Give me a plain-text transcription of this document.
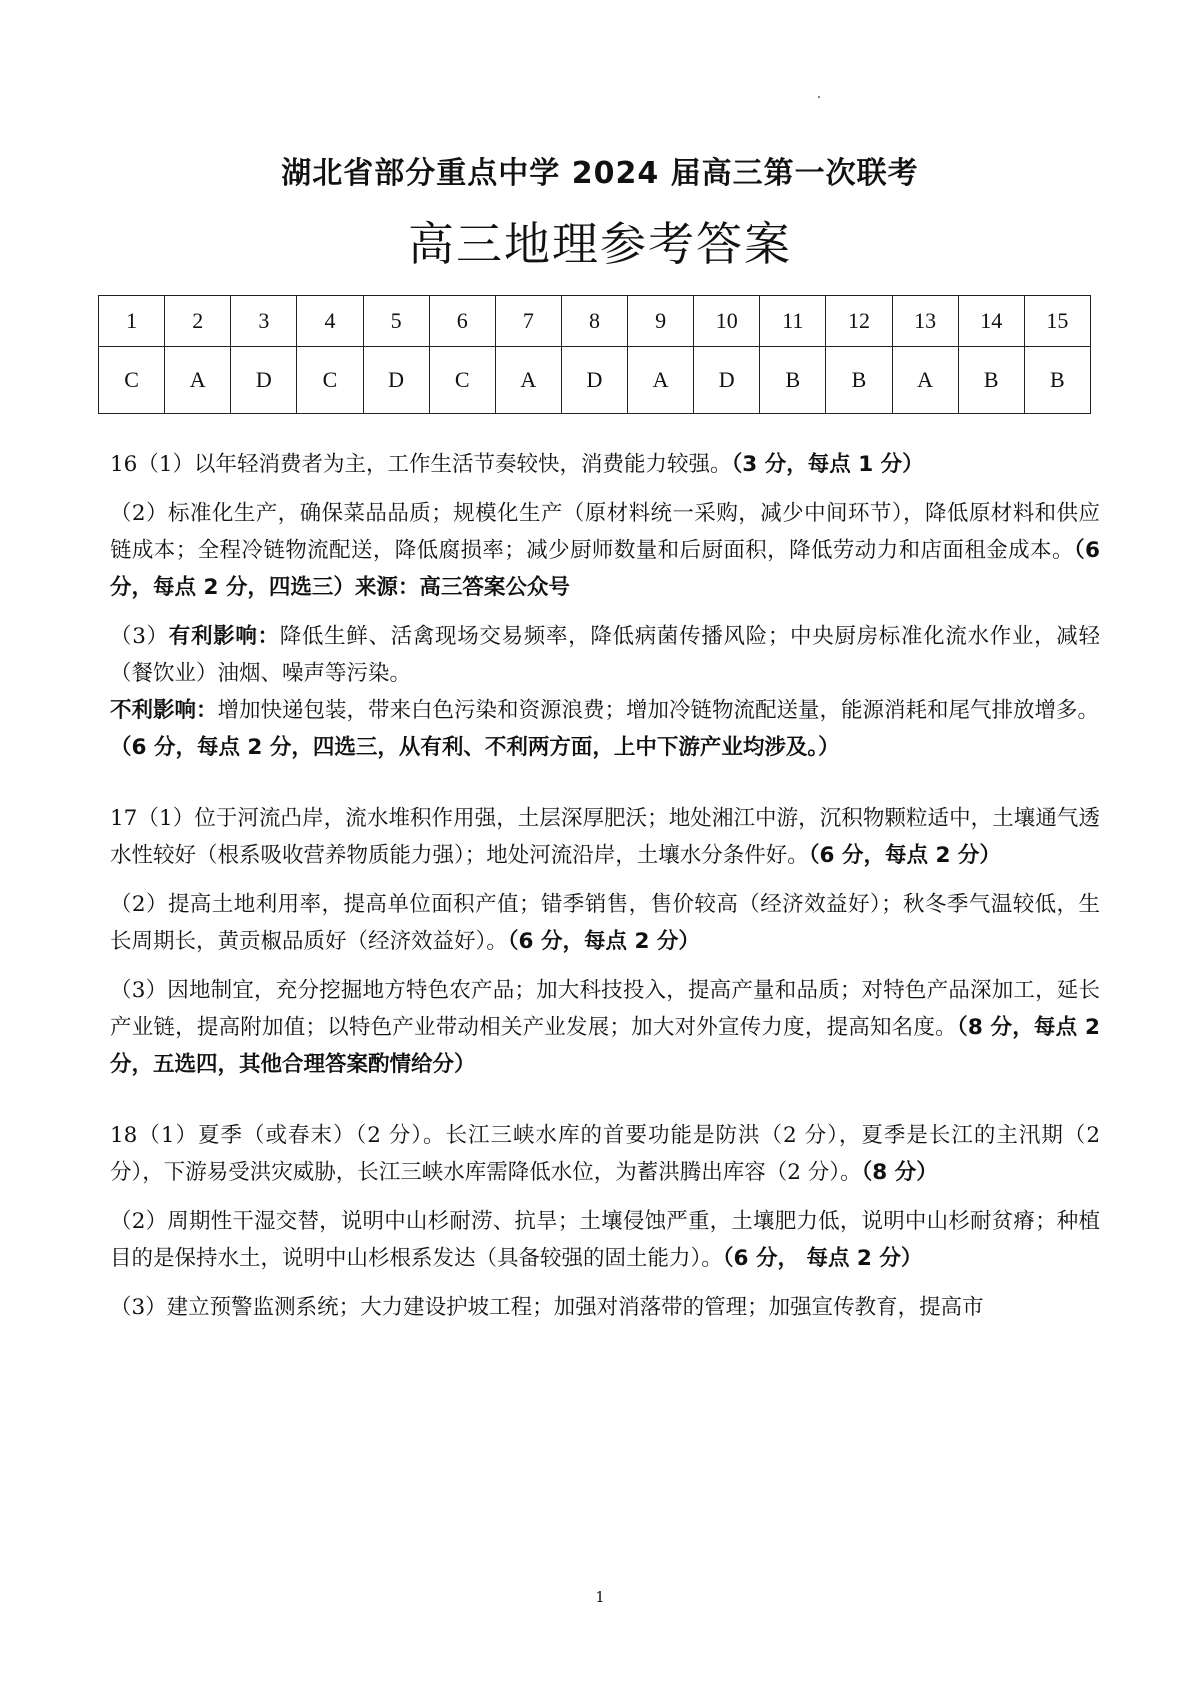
湖北省部分重点中学 2024 届高三第一次联考
高三地理参考答案
1	2	3	4	5	6	7	8	9	10	11	12	13	14	15
C	A	D	C	D	C	A	D	A	D	B	B	A	B	B

16（1）以年轻消费者为主，工作生活节奏较快，消费能力较强。（3 分，每点 1 分）

（2）标准化生产，确保菜品品质；规模化生产（原材料统一采购，减少中间环节），降低原材料和供应链成本；全程冷链物流配送，降低腐损率；减少厨师数量和后厨面积，降低劳动力和店面租金成本。（6 分，每点 2 分，四选三）来源：高三答案公众号

（3）有利影响：降低生鲜、活禽现场交易频率，降低病菌传播风险；中央厨房标准化流水作业，减轻（餐饮业）油烟、噪声等污染。

不利影响：增加快递包装，带来白色污染和资源浪费；增加冷链物流配送量，能源消耗和尾气排放增多。

（6 分，每点 2 分，四选三，从有利、不利两方面，上中下游产业均涉及。）

17（1）位于河流凸岸，流水堆积作用强，土层深厚肥沃；地处湘江中游，沉积物颗粒适中，土壤通气透水性较好（根系吸收营养物质能力强）；地处河流沿岸，土壤水分条件好。（6 分，每点 2 分）

（2）提高土地利用率，提高单位面积产值；错季销售，售价较高（经济效益好）；秋冬季气温较低，生长周期长，黄贡椒品质好（经济效益好）。（6 分，每点 2 分）

（3）因地制宜，充分挖掘地方特色农产品；加大科技投入，提高产量和品质；对特色产品深加工，延长产业链，提高附加值；以特色产业带动相关产业发展；加大对外宣传力度，提高知名度。（8 分，每点 2 分，五选四，其他合理答案酌情给分）

18（1）夏季（或春末）（2 分）。长江三峡水库的首要功能是防洪（2 分），夏季是长江的主汛期（2 分），下游易受洪灾威胁，长江三峡水库需降低水位，为蓄洪腾出库容（2 分）。（8 分）

（2）周期性干湿交替，说明中山杉耐涝、抗旱；土壤侵蚀严重，土壤肥力低，说明中山杉耐贫瘠；种植目的是保持水土，说明中山杉根系发达（具备较强的固土能力）。（6 分， 每点 2 分）

（3）建立预警监测系统；大力建设护坡工程；加强对消落带的管理；加强宣传教育，提高市

1
